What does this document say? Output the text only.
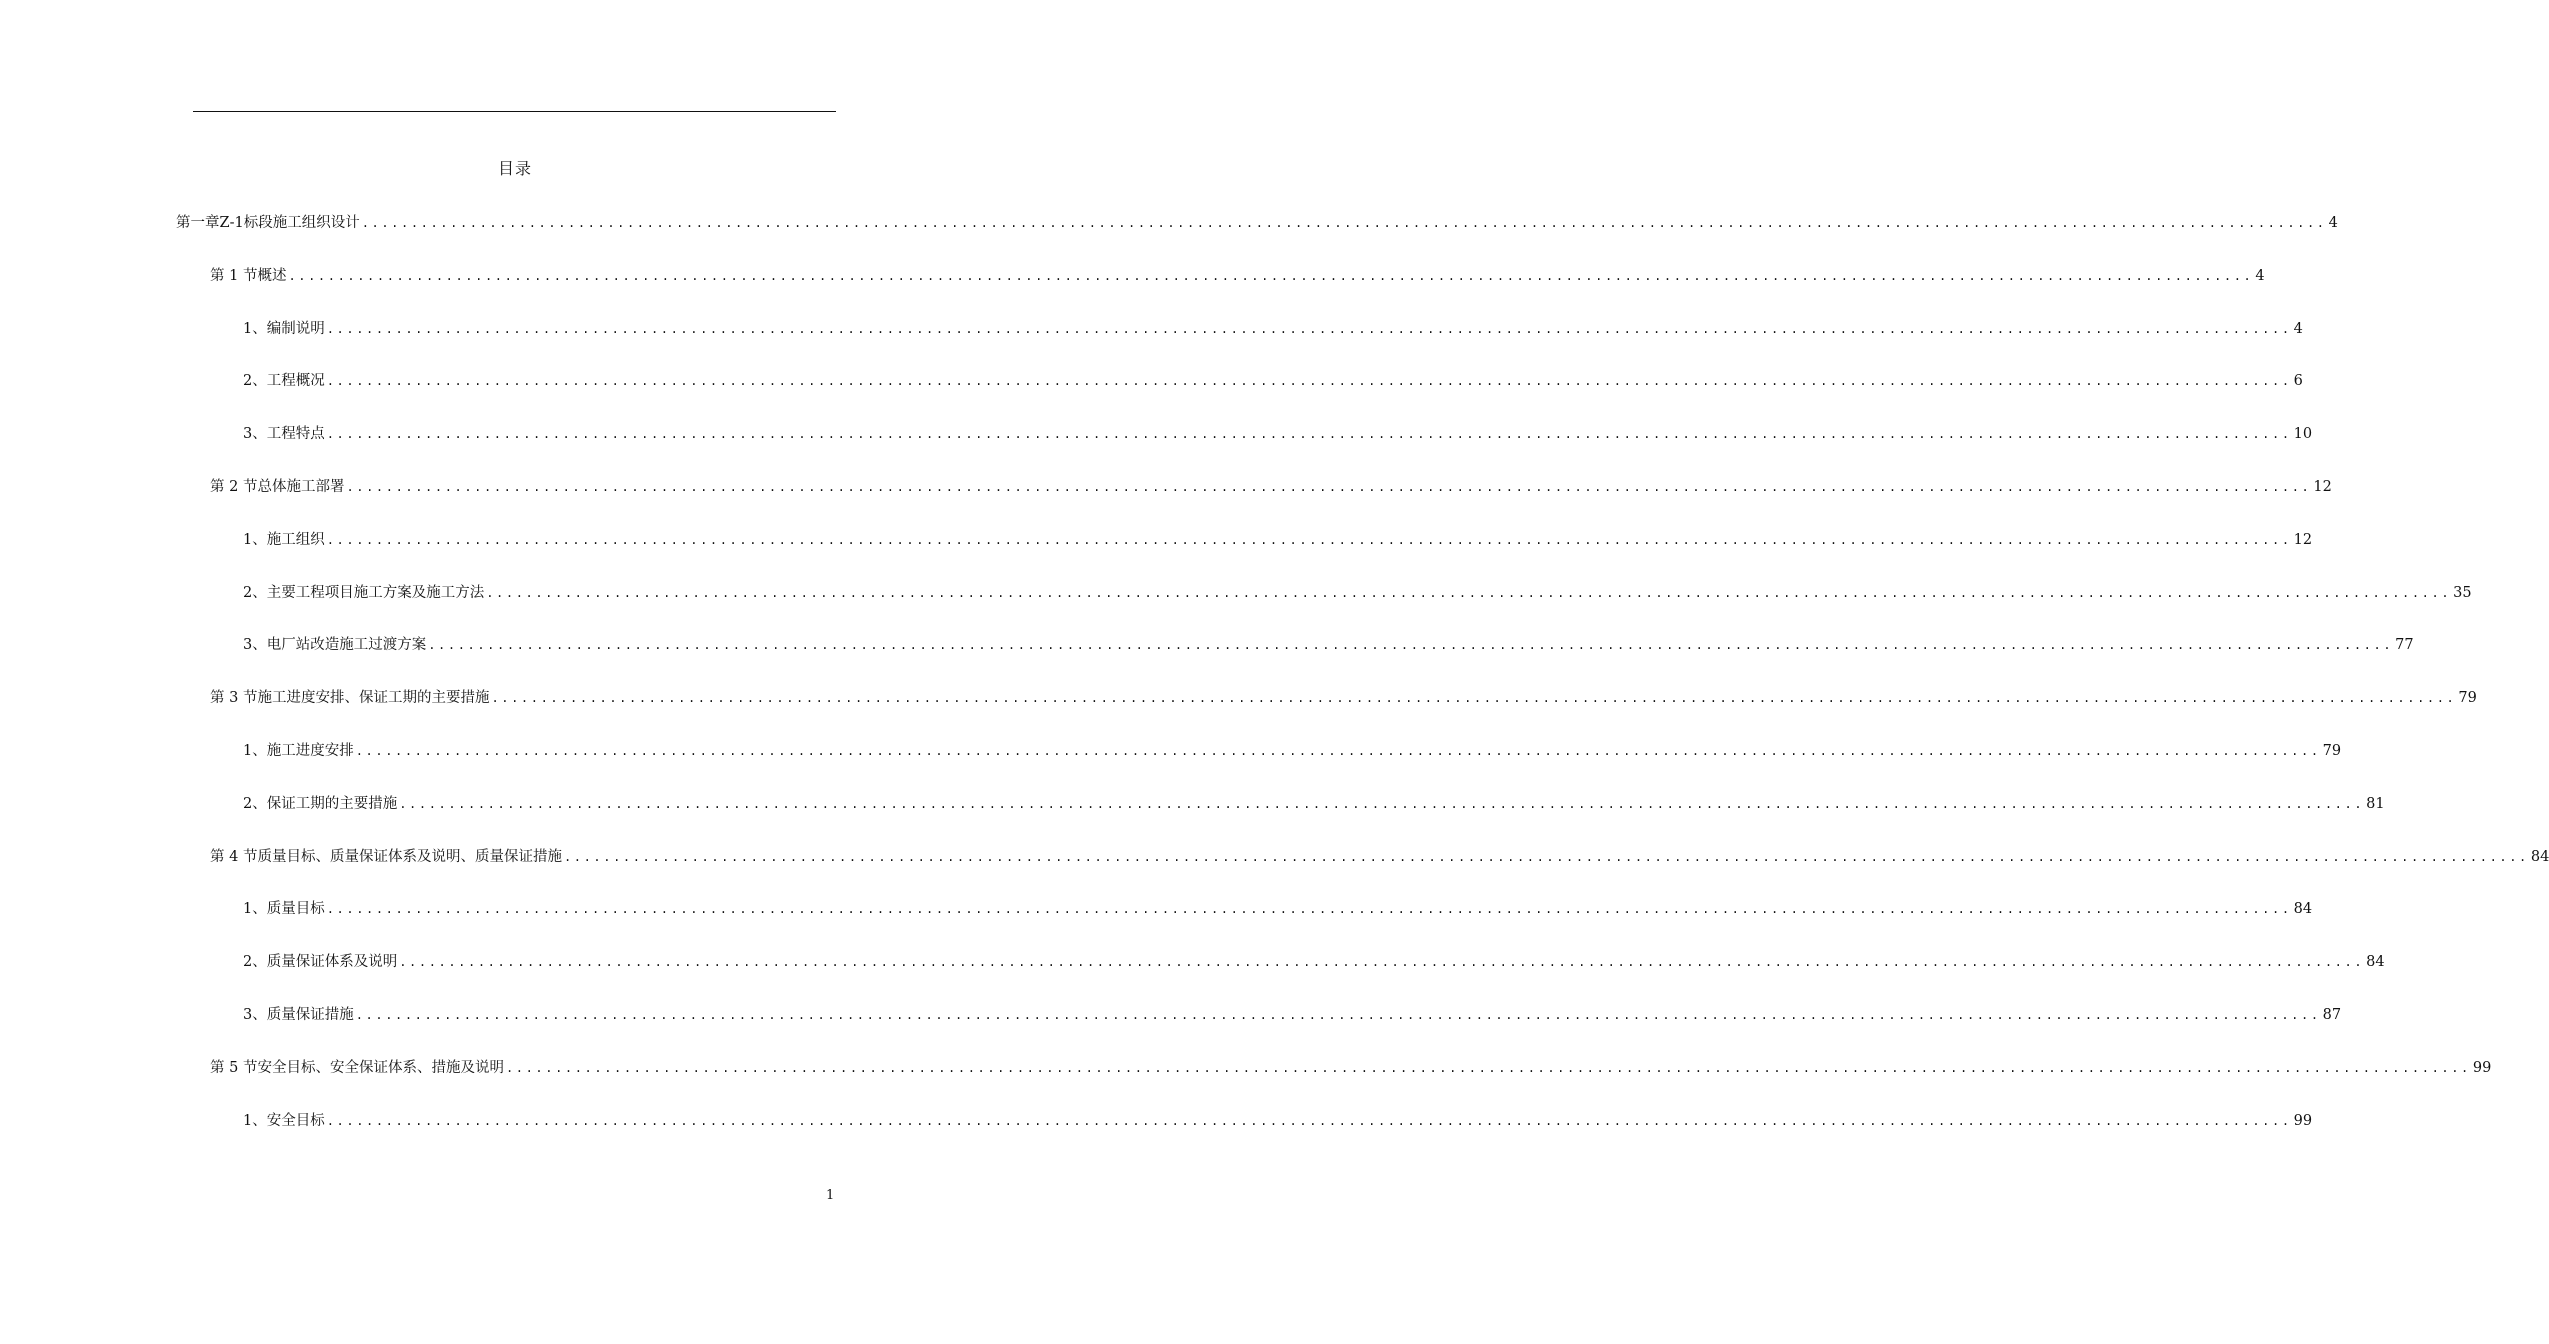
目录
第一章 Z-1标段施工组织设计 ........................................................................................................................................................................................................ 4
第 1 节 概述 ........................................................................................................................................................................................................ 4
1、 编制说明 ........................................................................................................................................................................................................ 4
2、 工程概况 ........................................................................................................................................................................................................ 6
3、 工程特点 ........................................................................................................................................................................................................ 10
第 2 节 总体施工部署 ........................................................................................................................................................................................................ 12
1、 施工组织 ........................................................................................................................................................................................................ 12
2、 主要工程项目施工方案及施工方法 ........................................................................................................................................................................................................ 35
3、 电厂站改造施工过渡方案 ........................................................................................................................................................................................................ 77
第 3 节 施工进度安排、保证工期的主要措施 ........................................................................................................................................................................................................ 79
1、 施工进度安排 ........................................................................................................................................................................................................ 79
2、 保证工期的主要措施 ........................................................................................................................................................................................................ 81
第 4 节 质量目标、质量保证体系及说明、质量保证措施 ........................................................................................................................................................................................................ 84
1、 质量目标 ........................................................................................................................................................................................................ 84
2、 质量保证体系及说明 ........................................................................................................................................................................................................ 84
3、 质量保证措施 ........................................................................................................................................................................................................ 87
第 5 节 安全目标、安全保证体系、措施及说明 ........................................................................................................................................................................................................ 99
1、 安全目标 ........................................................................................................................................................................................................ 99
1
